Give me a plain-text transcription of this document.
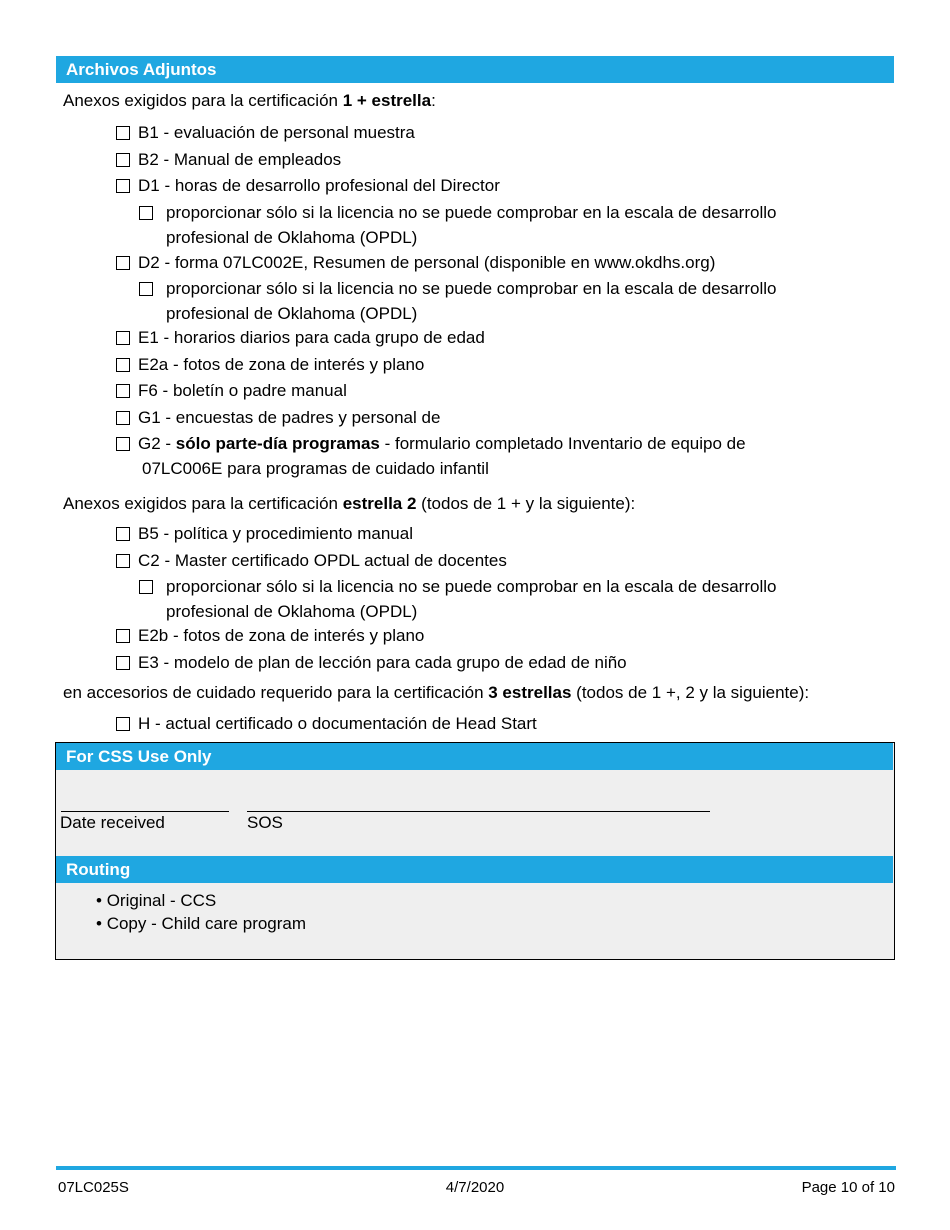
Archivos Adjuntos
Anexos exigidos para la certificación 1 + estrella:
B1 - evaluación de personal muestra
B2 - Manual de empleados
D1 - horas de desarrollo profesional del Director
proporcionar sólo si la licencia no se puede comprobar en la escala de desarrollo
profesional de Oklahoma (OPDL)
D2 - forma 07LC002E, Resumen de personal (disponible en www.okdhs.org)
proporcionar sólo si la licencia no se puede comprobar en la escala de desarrollo
profesional de Oklahoma (OPDL)
E1 - horarios diarios para cada grupo de edad
E2a - fotos de zona de interés y plano
F6 - boletín o padre manual
G1 - encuestas de padres y personal de
G2 - sólo parte-día programas - formulario completado Inventario de equipo de
07LC006E para programas de cuidado infantil
Anexos exigidos para la certificación estrella 2 (todos de 1 + y la siguiente):
B5 - política y procedimiento manual
C2 - Master certificado OPDL actual de docentes
proporcionar sólo si la licencia no se puede comprobar en la escala de desarrollo
profesional de Oklahoma (OPDL)
E2b - fotos de zona de interés y plano
E3 - modelo de plan de lección para cada grupo de edad de niño
en accesorios de cuidado requerido para la certificación 3 estrellas (todos de 1 +, 2 y la siguiente):
H - actual certificado o documentación de Head Start
For CSS Use Only
Date received	SOS
Routing
• Original - CCS
• Copy - Child care program
07LC025S	4/7/2020	Page 10 of 10
